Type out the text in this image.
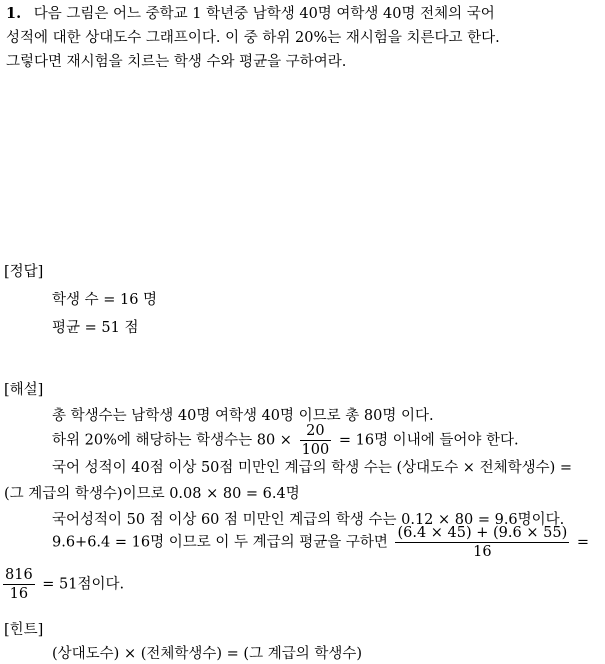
1. 다음 그림은 어느 중학교 1 학년중 남학생 40명 여학생 40명 전체의 국어
성적에 대한 상대도수 그래프이다. 이 중 하위 20%는 재시험을 치른다고 한다.
그렇다면 재시험을 치르는 학생 수와 평균을 구하여라.
[정답]
학생 수 = 16 명
평균 = 51 점
[해설]
총 학생수는 남학생 40명 여학생 40명 이므로 총 80명 이다.
하위 20%에 해당하는 학생수는 $80 \times \frac{20}{100} = 16$명 이내에 들어야 한다.
국어 성적이 40점 이상 50점 미만인 계급의 학생 수는 (상대도수 × 전체학생수) =
(그 계급의 학생수)이므로 0.08 × 80 = 6.4명
국어성적이 50 점 이상 60 점 미만인 계급의 학생 수는 0.12 × 80 = 9.6명이다.
9.6+6.4 = 16명 이므로 이 두 계급의 평균을 구하면 $\frac{(6.4 \times 45) + (9.6 \times 55)}{16}$ =
$\frac{816}{16} = 51$점이다.
[힌트]
(상대도수) × (전체학생수) = (그 계급의 학생수)
